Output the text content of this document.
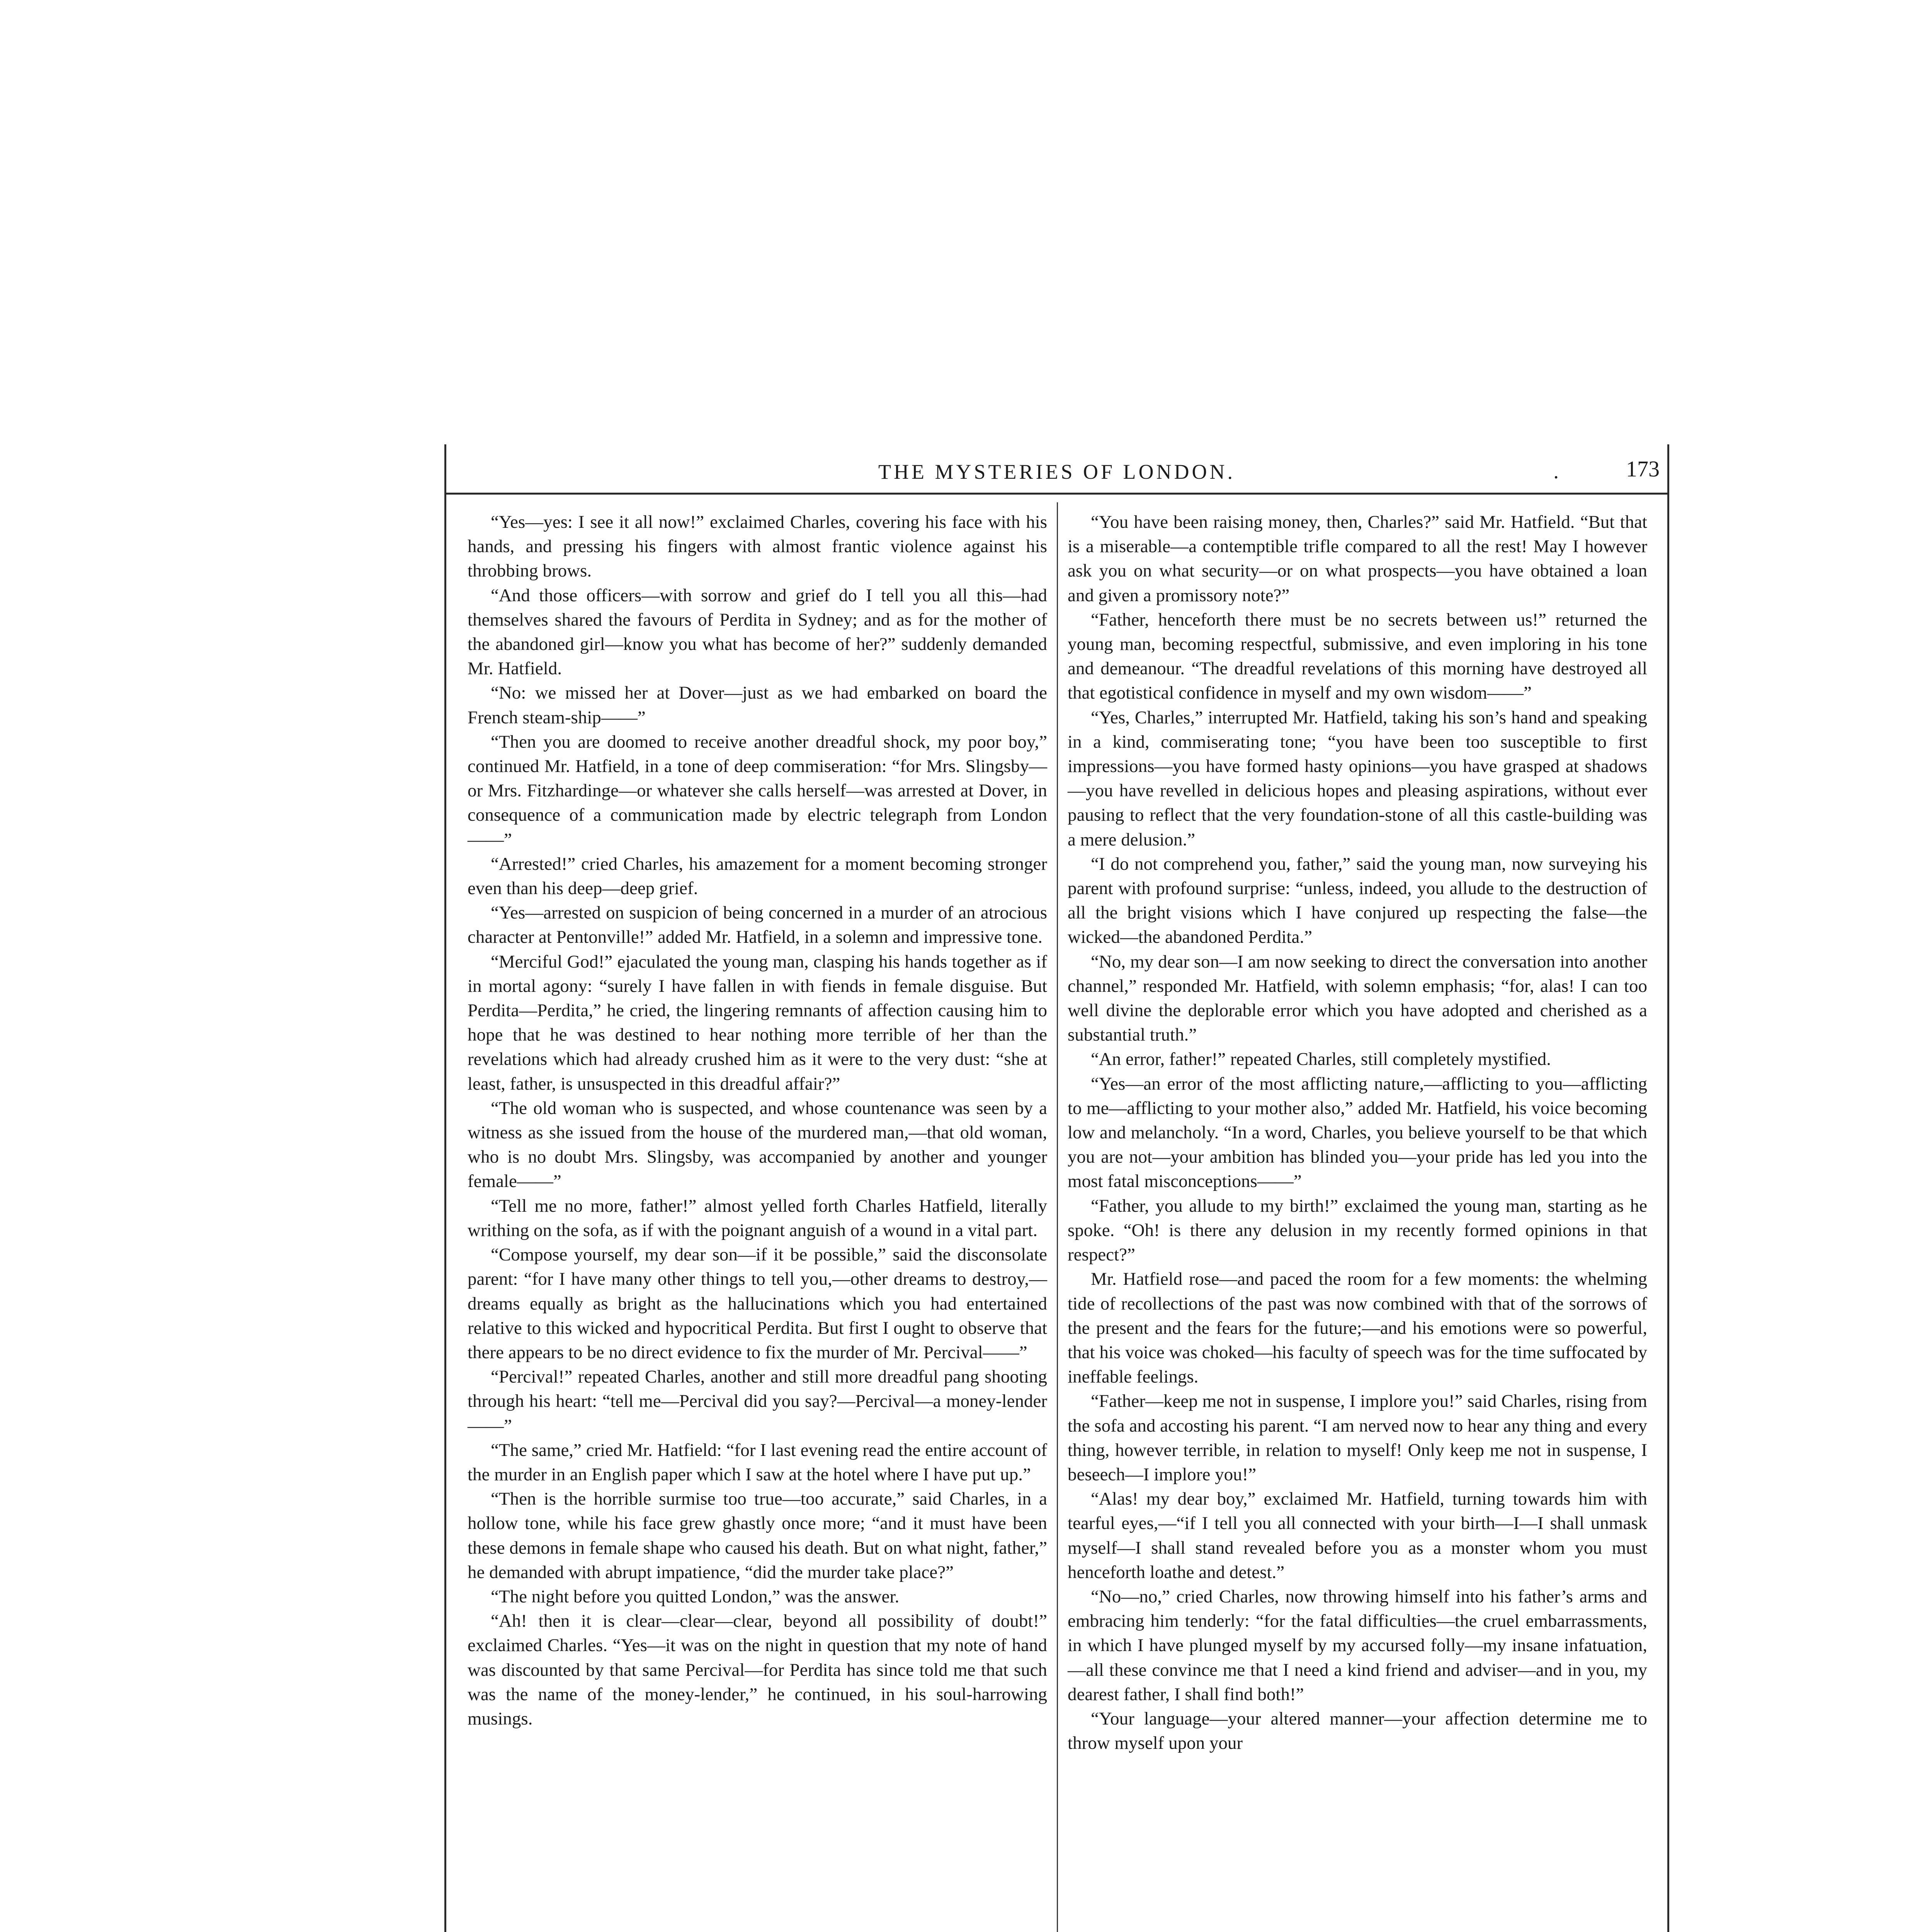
THE MYSTERIES OF LONDON.	.	173

“Yes—yes: I see it all now!” exclaimed Charles, covering his face with his hands, and pressing his fingers with almost frantic violence against his throbbing brows.

“And those officers—with sorrow and grief do I tell you all this—had themselves shared the favours of Perdita in Sydney; and as for the mother of the abandoned girl—know you what has become of her?” suddenly demanded Mr. Hatfield.

“No: we missed her at Dover—just as we had embarked on board the French steam-ship——”

“Then you are doomed to receive another dreadful shock, my poor boy,” continued Mr. Hatfield, in a tone of deep commiseration: “for Mrs. Slingsby—or Mrs. Fitzhardinge—or whatever she calls herself—was arrested at Dover, in consequence of a communication made by electric telegraph from London——”

“Arrested!” cried Charles, his amazement for a moment becoming stronger even than his deep—deep grief.

“Yes—arrested on suspicion of being concerned in a murder of an atrocious character at Pentonville!” added Mr. Hatfield, in a solemn and impressive tone.

“Merciful God!” ejaculated the young man, clasping his hands together as if in mortal agony: “surely I have fallen in with fiends in female disguise. But Perdita—Perdita,” he cried, the lingering remnants of affection causing him to hope that he was destined to hear nothing more terrible of her than the revelations which had already crushed him as it were to the very dust: “she at least, father, is unsuspected in this dreadful affair?”

“The old woman who is suspected, and whose countenance was seen by a witness as she issued from the house of the murdered man,—that old woman, who is no doubt Mrs. Slingsby, was accompanied by another and younger female——”

“Tell me no more, father!” almost yelled forth Charles Hatfield, literally writhing on the sofa, as if with the poignant anguish of a wound in a vital part.

“Compose yourself, my dear son—if it be possible,” said the disconsolate parent: “for I have many other things to tell you,—other dreams to destroy,—dreams equally as bright as the hallucinations which you had entertained relative to this wicked and hypocritical Perdita. But first I ought to observe that there appears to be no direct evidence to fix the murder of Mr. Percival——”

“Percival!” repeated Charles, another and still more dreadful pang shooting through his heart: “tell me—Percival did you say?—Percival—a money-lender——”

“The same,” cried Mr. Hatfield: “for I last evening read the entire account of the murder in an English paper which I saw at the hotel where I have put up.”

“Then is the horrible surmise too true—too accurate,” said Charles, in a hollow tone, while his face grew ghastly once more; “and it must have been these demons in female shape who caused his death. But on what night, father,” he demanded with abrupt impatience, “did the murder take place?”

“The night before you quitted London,” was the answer.

“Ah! then it is clear—clear—clear, beyond all possibility of doubt!” exclaimed Charles. “Yes—it was on the night in question that my note of hand was discounted by that same Percival—for Perdita has since told me that such was the name of the money-lender,” he continued, in his soul-harrowing musings.

“You have been raising money, then, Charles?” said Mr. Hatfield. “But that is a miserable—a contemptible trifle compared to all the rest! May I however ask you on what security—or on what prospects—you have obtained a loan and given a promissory note?”

“Father, henceforth there must be no secrets between us!” returned the young man, becoming respectful, submissive, and even imploring in his tone and demeanour. “The dreadful revelations of this morning have destroyed all that egotistical confidence in myself and my own wisdom——”

“Yes, Charles,” interrupted Mr. Hatfield, taking his son’s hand and speaking in a kind, commiserating tone; “you have been too susceptible to first impressions—you have formed hasty opinions—you have grasped at shadows—you have revelled in delicious hopes and pleasing aspirations, without ever pausing to reflect that the very foundation-stone of all this castle-building was a mere delusion.”

“I do not comprehend you, father,” said the young man, now surveying his parent with profound surprise: “unless, indeed, you allude to the destruction of all the bright visions which I have conjured up respecting the false—the wicked—the abandoned Perdita.”

“No, my dear son—I am now seeking to direct the conversation into another channel,” responded Mr. Hatfield, with solemn emphasis; “for, alas! I can too well divine the deplorable error which you have adopted and cherished as a substantial truth.”

“An error, father!” repeated Charles, still completely mystified.

“Yes—an error of the most afflicting nature,—afflicting to you—afflicting to me—afflicting to your mother also,” added Mr. Hatfield, his voice becoming low and melancholy. “In a word, Charles, you believe yourself to be that which you are not—your ambition has blinded you—your pride has led you into the most fatal misconceptions——”

“Father, you allude to my birth!” exclaimed the young man, starting as he spoke. “Oh! is there any delusion in my recently formed opinions in that respect?”

Mr. Hatfield rose—and paced the room for a few moments: the whelming tide of recollections of the past was now combined with that of the sorrows of the present and the fears for the future;—and his emotions were so powerful, that his voice was choked—his faculty of speech was for the time suffocated by ineffable feelings.

“Father—keep me not in suspense, I implore you!” said Charles, rising from the sofa and accosting his parent. “I am nerved now to hear any thing and every thing, however terrible, in relation to myself! Only keep me not in suspense, I beseech—I implore you!”

“Alas! my dear boy,” exclaimed Mr. Hatfield, turning towards him with tearful eyes,—“if I tell you all connected with your birth—I—I shall unmask myself—I shall stand revealed before you as a monster whom you must henceforth loathe and detest.”

“No—no,” cried Charles, now throwing himself into his father’s arms and embracing him tenderly: “for the fatal difficulties—the cruel embarrassments, in which I have plunged myself by my accursed folly—my insane infatuation,—all these convince me that I need a kind friend and adviser—and in you, my dearest father, I shall find both!”

“Your language—your altered manner—your affection determine me to throw myself upon your
